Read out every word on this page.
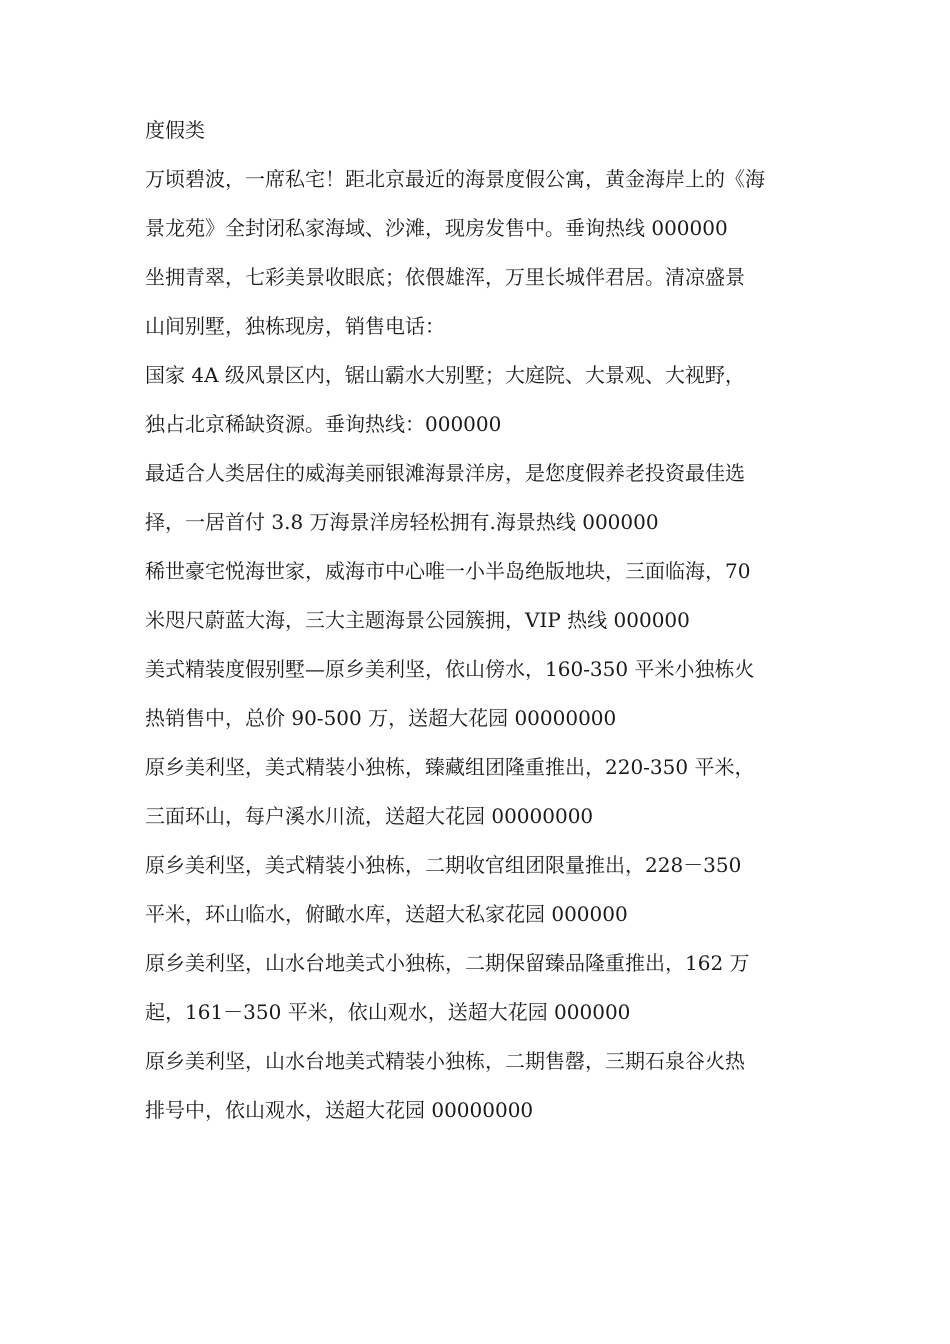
度假类

万顷碧波，一席私宅！距北京最近的海景度假公寓，黄金海岸上的《海

景龙苑》全封闭私家海域、沙滩，现房发售中。垂询热线 000000

坐拥青翠，七彩美景收眼底；依偎雄浑，万里长城伴君居。清凉盛景

山间别墅，独栋现房，销售电话：

国家 4A 级风景区内，锯山霸水大别墅；大庭院、大景观、大视野，

独占北京稀缺资源。垂询热线：000000

最适合人类居住的威海美丽银滩海景洋房，是您度假养老投资最佳选

择，一居首付 3.8 万海景洋房轻松拥有.海景热线 000000

稀世豪宅悦海世家，威海市中心唯一小半岛绝版地块，三面临海，70

米咫尺蔚蓝大海，三大主题海景公园簇拥，VIP 热线 000000

美式精装度假别墅—原乡美利坚，依山傍水，160-350 平米小独栋火

热销售中，总价 90-500 万，送超大花园 00000000

原乡美利坚，美式精装小独栋，臻藏组团隆重推出，220-350 平米，

三面环山，每户溪水川流，送超大花园 00000000

原乡美利坚，美式精装小独栋，二期收官组团限量推出，228－350

平米，环山临水，俯瞰水库，送超大私家花园 000000

原乡美利坚，山水台地美式小独栋，二期保留臻品隆重推出，162 万

起，161－350 平米，依山观水，送超大花园 000000

原乡美利坚，山水台地美式精装小独栋，二期售罄，三期石泉谷火热

排号中，依山观水，送超大花园 00000000
